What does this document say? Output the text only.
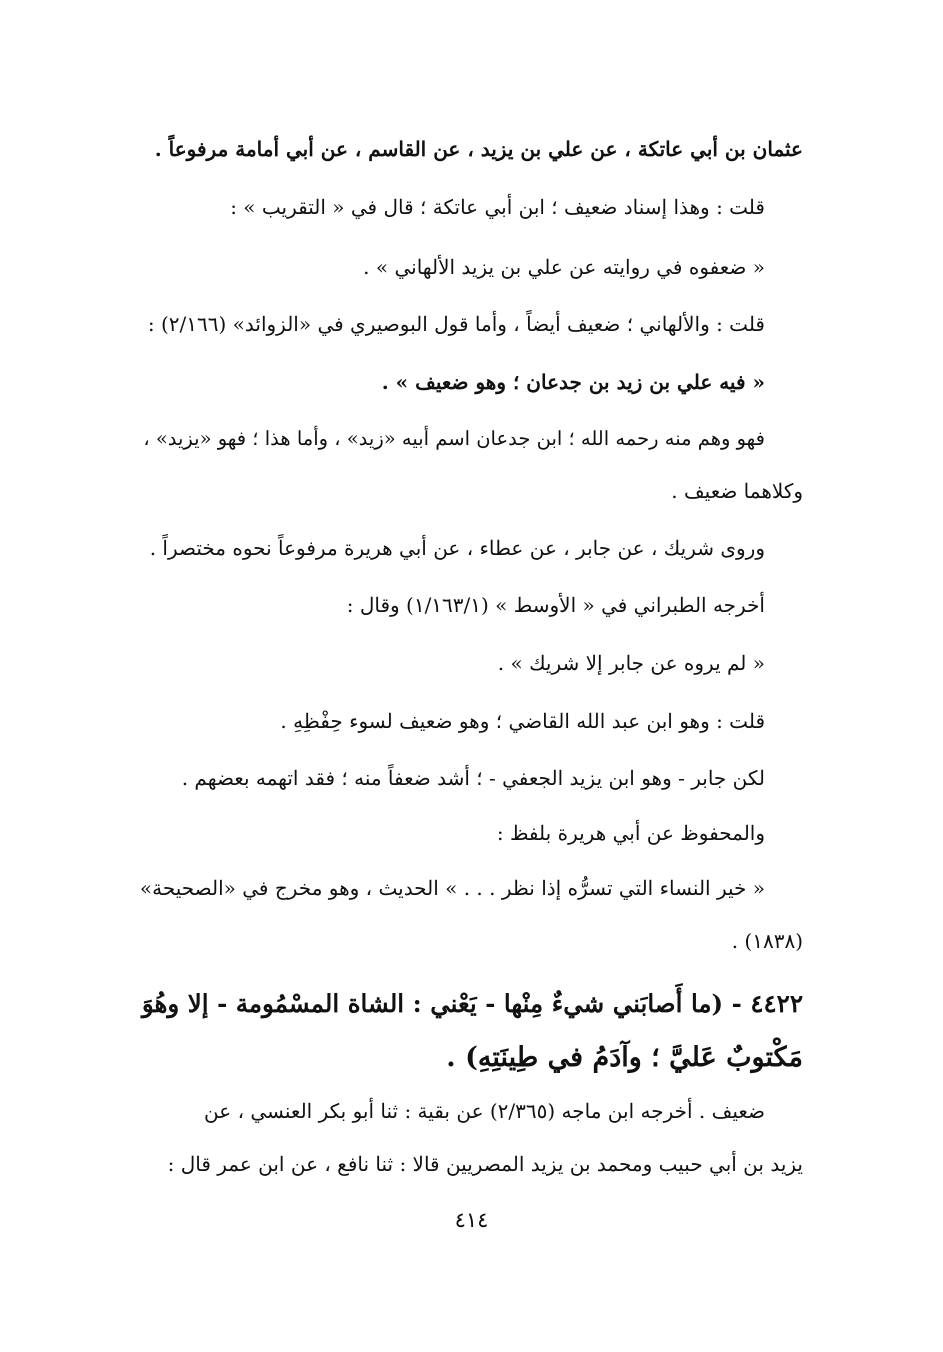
عثمان بن أبي عاتكة ، عن علي بن يزيد ، عن القاسم ، عن أبي أمامة مرفوعاً .
قلت : وهذا إسناد ضعيف ؛ ابن أبي عاتكة ؛ قال في « التقريب » :
« ضعفوه في روايته عن علي بن يزيد الألهاني » .
قلت : والألهاني ؛ ضعيف أيضاً ، وأما قول البوصيري في «الزوائد» (٢/١٦٦) :
« فيه علي بن زيد بن جدعان ؛ وهو ضعيف » .
فهو وهم منه رحمه الله ؛ ابن جدعان اسم أبيه «زيد» ، وأما هذا ؛ فهو «يزيد» ،
وكلاهما ضعيف .
وروى شريك ، عن جابر ، عن عطاء ، عن أبي هريرة مرفوعاً نحوه مختصراً .
أخرجه الطبراني في « الأوسط » (١/١٦٣/١) وقال :
« لم يروه عن جابر إلا شريك » .
قلت : وهو ابن عبد الله القاضي ؛ وهو ضعيف لسوء حِفْظِهِ .
لكن جابر - وهو ابن يزيد الجعفي - ؛ أشد ضعفاً منه ؛ فقد اتهمه بعضهم .
والمحفوظ عن أبي هريرة بلفظ :
« خير النساء التي تسرُّه إذا نظر . . . » الحديث ، وهو مخرج في «الصحيحة»
(١٨٣٨) .
٤٤٢٢ - (ما أَصابَني شيءٌ مِنْها - يَعْني : الشاة المسْمُومة - إلا وهُوَ
مَكْتوبٌ عَليَّ ؛ وآدَمُ في طِينَتِهِ) .
ضعيف . أخرجه ابن ماجه (٢/٣٦٥) عن بقية : ثنا أبو بكر العنسي ، عن
يزيد بن أبي حبيب ومحمد بن يزيد المصريين قالا : ثنا نافع ، عن ابن عمر قال :
٤١٤
